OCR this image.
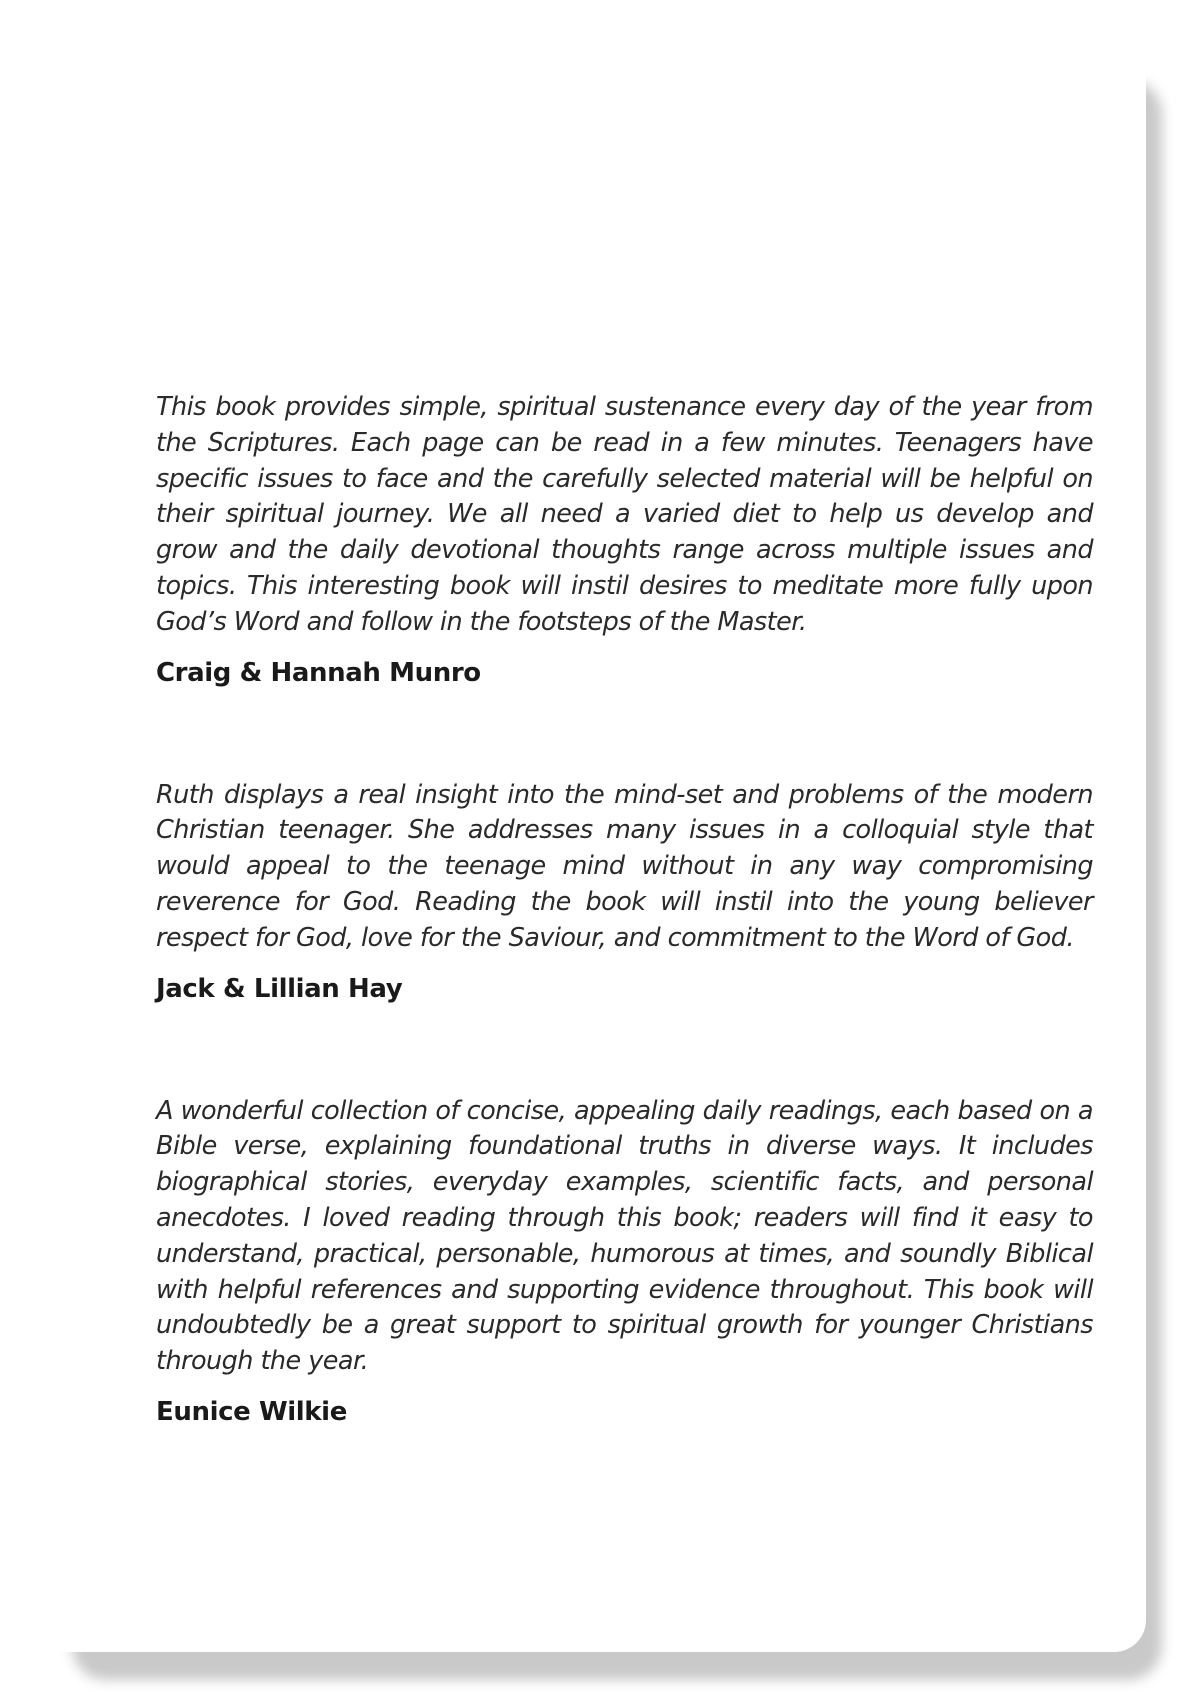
This book provides simple, spiritual sustenance every day of the year from the Scriptures. Each page can be read in a few minutes. Teenagers have specific issues to face and the carefully selected material will be helpful on their spiritual journey. We all need a varied diet to help us develop and grow and the daily devotional thoughts range across multiple issues and topics. This interesting book will instil desires to meditate more fully upon God’s Word and follow in the footsteps of the Master.

Craig & Hannah Munro

Ruth displays a real insight into the mind-set and problems of the modern Christian teenager. She addresses many issues in a colloquial style that would appeal to the teenage mind without in any way compromising reverence for God. Reading the book will instil into the young believer respect for God, love for the Saviour, and commitment to the Word of God.

Jack & Lillian Hay

A wonderful collection of concise, appealing daily readings, each based on a Bible verse, explaining foundational truths in diverse ways. It includes biographical stories, everyday examples, scientific facts, and personal anecdotes. I loved reading through this book; readers will find it easy to understand, practical, personable, humorous at times, and soundly Biblical with helpful references and supporting evidence throughout. This book will undoubtedly be a great support to spiritual growth for younger Christians through the year.

Eunice Wilkie
